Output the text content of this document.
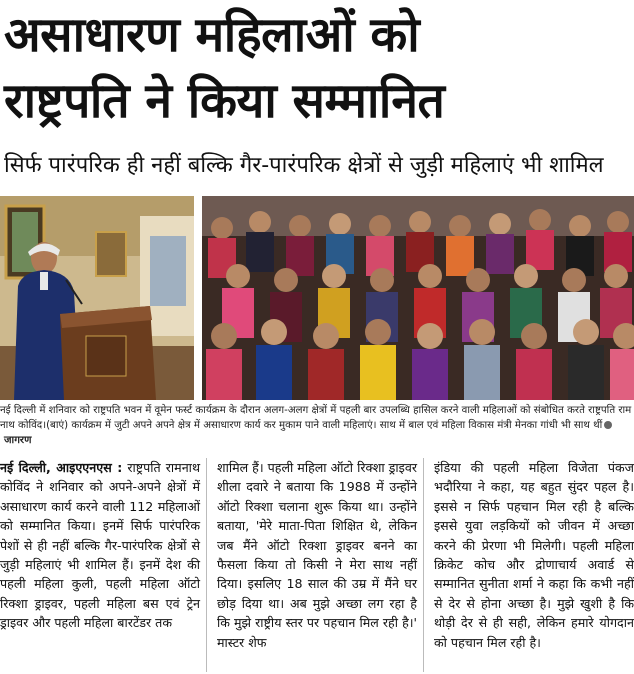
असाधारण महिलाओं को
राष्ट्रपति ने किया सम्मानित
सिर्फ पारंपरिक ही नहीं बल्कि गैर-पारंपरिक क्षेत्रों से जुड़ी महिलाएं भी शामिल
नई दिल्ली में शनिवार को राष्ट्रपति भवन में वूमेन फर्स्ट कार्यक्रम के दौरान अलग-अलग क्षेत्रों में पहली बार उपलब्धि हासिल करने वाली महिलाओं को संबोधित करते राष्ट्रपति राम नाथ कोविंद।(बाएं) कार्यक्रम में जुटी अपने अपने क्षेत्र में असाधारण कार्य कर मुकाम पाने वाली महिलाएं। साथ में बाल एवं महिला विकास मंत्री मेनका गांधी भी साथ थींजागरण
नई दिल्ली, आइएएनएस : राष्ट्रपति रामनाथ कोविंद ने शनिवार को अपने-अपने क्षेत्रों में असाधारण कार्य करने वाली 112 महिलाओं को सम्मानित किया। इनमें सिर्फ पारंपरिक पेशों से ही नहीं बल्कि गैर-पारंपरिक क्षेत्रों से जुड़ी महिलाएं भी शामिल हैं। इनमें देश की पहली महिला कुली, पहली महिला ऑटो रिक्शा ड्राइवर, पहली महिला बस एवं ट्रेन ड्राइवर और पहली महिला बारटेंडर तक
शामिल हैं। पहली महिला ऑटो रिक्शा ड्राइवर शीला दवारे ने बताया कि 1988 में उन्होंने ऑटो रिक्शा चलाना शुरू किया था। उन्होंने बताया, 'मेरे माता-पिता शिक्षित थे, लेकिन जब मैंने ऑटो रिक्शा ड्राइवर बनने का फैसला किया तो किसी ने मेरा साथ नहीं दिया। इसलिए 18 साल की उम्र में मैंने घर छोड़ दिया था। अब मुझे अच्छा लग रहा है कि मुझे राष्ट्रीय स्तर पर पहचान मिल रही है।' मास्टर शेफ
इंडिया की पहली महिला विजेता पंकज भदौरिया ने कहा, यह बहुत सुंदर पहल है। इससे न सिर्फ पहचान मिल रही है बल्कि इससे युवा लड़कियों को जीवन में अच्छा करने की प्रेरणा भी मिलेगी। पहली महिला क्रिकेट कोच और द्रोणाचार्य अवार्ड से सम्मानित सुनीता शर्मा ने कहा कि कभी नहीं से देर से होना अच्छा है। मुझे खुशी है कि थोड़ी देर से ही सही, लेकिन हमारे योगदान को पहचान मिल रही है।
